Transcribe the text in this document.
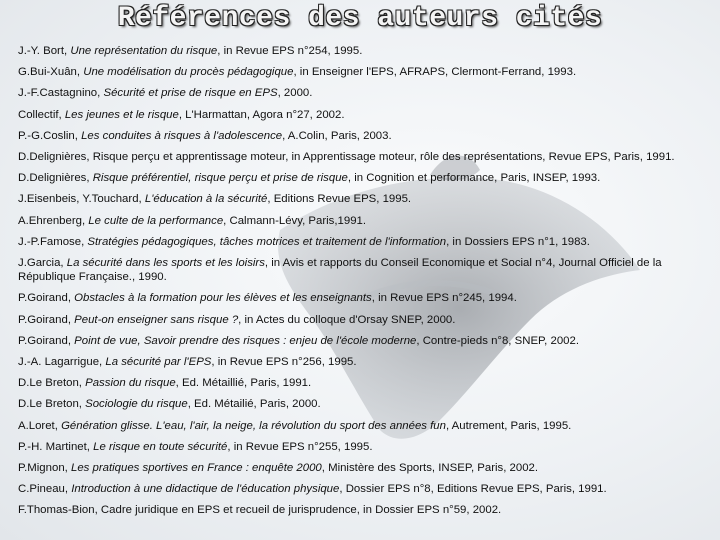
Références des auteurs cités

J.-Y. Bort, Une représentation du risque, in Revue EPS n°254, 1995.

G.Bui-Xuân, Une modélisation du procès pédagogique, in Enseigner l'EPS, AFRAPS, Clermont-Ferrand, 1993.

J.-F.Castagnino, Sécurité et prise de risque en EPS, 2000.

Collectif, Les jeunes et le risque, L'Harmattan, Agora n°27, 2002.

P.-G.Coslin, Les conduites à risques à l'adolescence, A.Colin, Paris, 2003.

D.Delignières, Risque perçu et apprentissage moteur, in Apprentissage moteur, rôle des représentations, Revue EPS, Paris, 1991.

D.Delignières, Risque préférentiel, risque perçu et prise de risque, in Cognition et performance, Paris, INSEP, 1993.

J.Eisenbeis, Y.Touchard, L'éducation à la sécurité, Editions Revue EPS, 1995.

A.Ehrenberg, Le culte de la performance, Calmann-Lévy, Paris,1991.

J.-P.Famose, Stratégies pédagogiques, tâches motrices et traitement de l'information, in Dossiers EPS n°1, 1983.

J.Garcia, La sécurité dans les sports et les loisirs, in Avis et rapports du Conseil Economique et Social n°4, Journal Officiel de la République Française., 1990.

P.Goirand, Obstacles à la formation pour les élèves et les enseignants, in Revue EPS n°245, 1994.

P.Goirand, Peut-on enseigner sans risque ?, in Actes du colloque d'Orsay SNEP, 2000.

P.Goirand, Point de vue, Savoir prendre des risques : enjeu de l'école moderne, Contre-pieds n°8, SNEP, 2002.

J.-A. Lagarrigue, La sécurité par l'EPS, in Revue EPS n°256, 1995.

D.Le Breton, Passion du risque, Ed. Métaillié, Paris, 1991.

D.Le Breton, Sociologie du risque, Ed. Métailié, Paris, 2000.

A.Loret, Génération glisse. L'eau, l'air, la neige, la révolution du sport des années fun, Autrement, Paris, 1995.

P.-H. Martinet, Le risque en toute sécurité, in Revue EPS n°255, 1995.

P.Mignon, Les pratiques sportives en France : enquête 2000, Ministère des Sports, INSEP, Paris, 2002.

C.Pineau, Introduction à une didactique de l'éducation physique, Dossier EPS n°8, Editions Revue EPS, Paris, 1991.

F.Thomas-Bion, Cadre juridique en EPS et recueil de jurisprudence, in Dossier EPS n°59, 2002.
